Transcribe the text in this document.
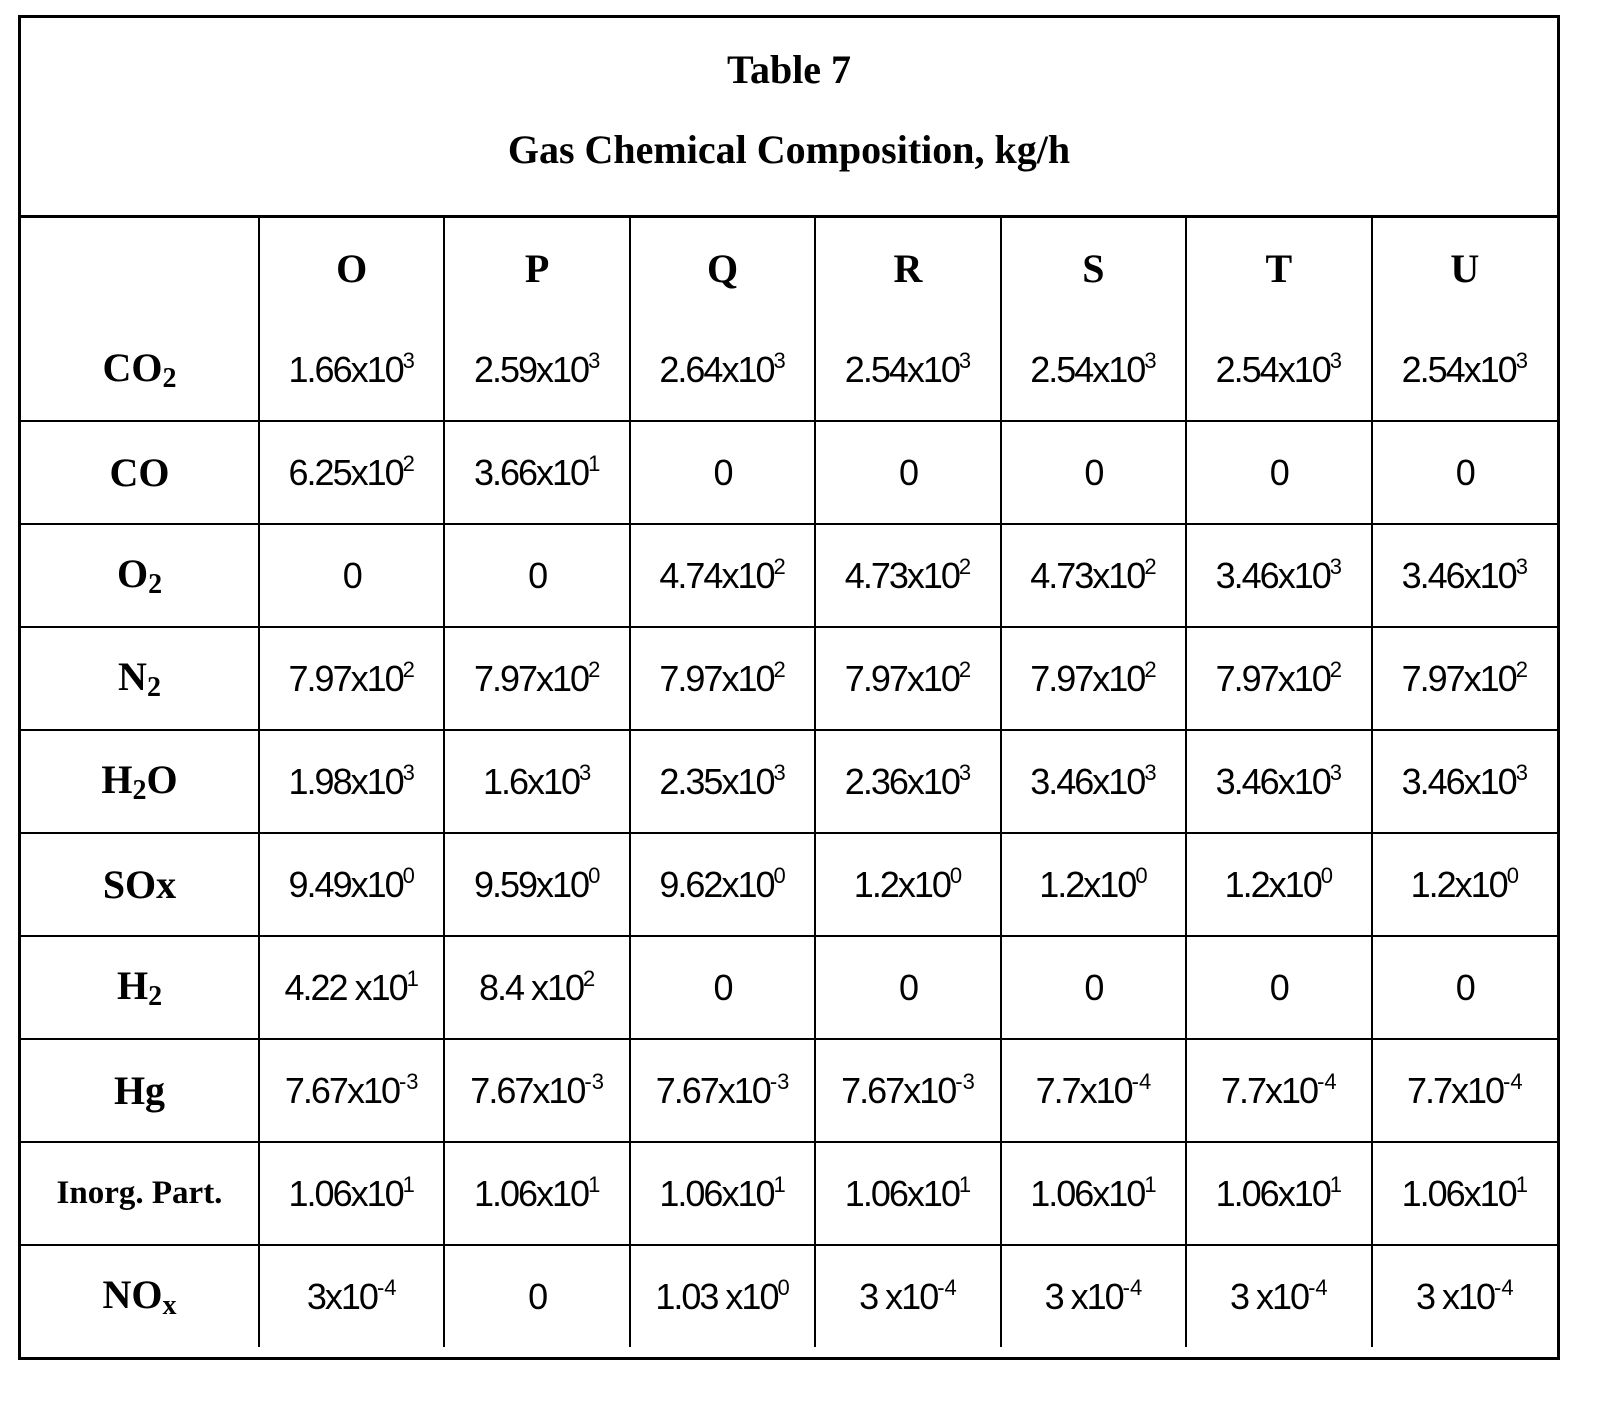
Table 7
Gas Chemical Composition, kg/h
	O	P	Q	R	S	T	U
CO2	1.66x103	2.59x103	2.64x103	2.54x103	2.54x103	2.54x103	2.54x103
CO	6.25x102	3.66x101	0	0	0	0	0
O2	0	0	4.74x102	4.73x102	4.73x102	3.46x103	3.46x103
N2	7.97x102	7.97x102	7.97x102	7.97x102	7.97x102	7.97x102	7.97x102
H2O	1.98x103	1.6x103	2.35x103	2.36x103	3.46x103	3.46x103	3.46x103
SOx	9.49x100	9.59x100	9.62x100	1.2x100	1.2x100	1.2x100	1.2x100
H2	4.22 x101	8.4 x102	0	0	0	0	0
Hg	7.67x10-3	7.67x10-3	7.67x10-3	7.67x10-3	7.7x10-4	7.7x10-4	7.7x10-4
Inorg. Part.	1.06x101	1.06x101	1.06x101	1.06x101	1.06x101	1.06x101	1.06x101
NOx	3x10-4	0	1.03 x100	3 x10-4	3 x10-4	3 x10-4	3 x10-4
